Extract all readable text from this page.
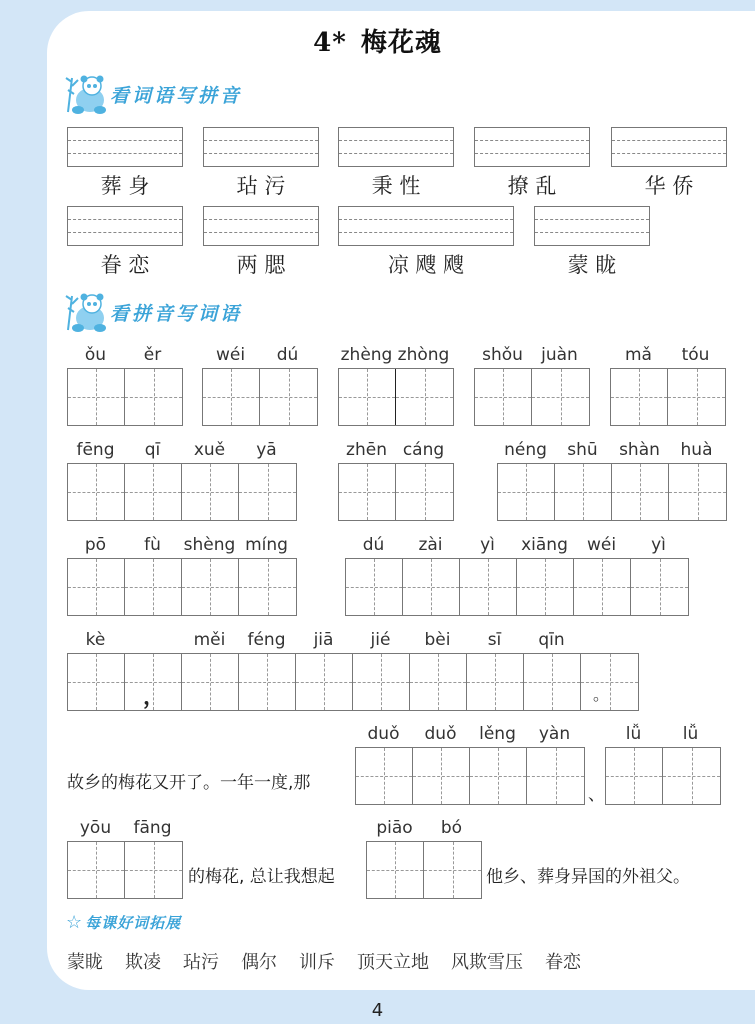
4* 梅花魂
看词语写拼音
葬 身	玷 污	秉 性	撩 乱	华 侨
眷 恋	两 腮	凉 飕 飕	蒙 眬
看拼音写词语
ǒu	ěr	wéi	dú	zhèng zhòng	shǒu	juàn	mǎ	tóu
fēng	qī	xuě	yā	zhēn cáng	néng	shū	shàn	huà
pō	fù	shèng míng	dú	zài	yì	xiāng	wéi	yì
kè	měi	féng	jiā	jié	bèi	sī	qīn
，	。
故乡的梅花又开了。一年一度,那
duǒ	duǒ	lěng	yàn
、
lǚ	lǚ
yōu	fāng
的梅花, 总让我想起
piāo	bó
他乡、葬身异国的外祖父。
☆ 每课好词拓展
蒙眬 欺凌 玷污 偶尔 训斥 顶天立地 风欺雪压 眷恋
4
